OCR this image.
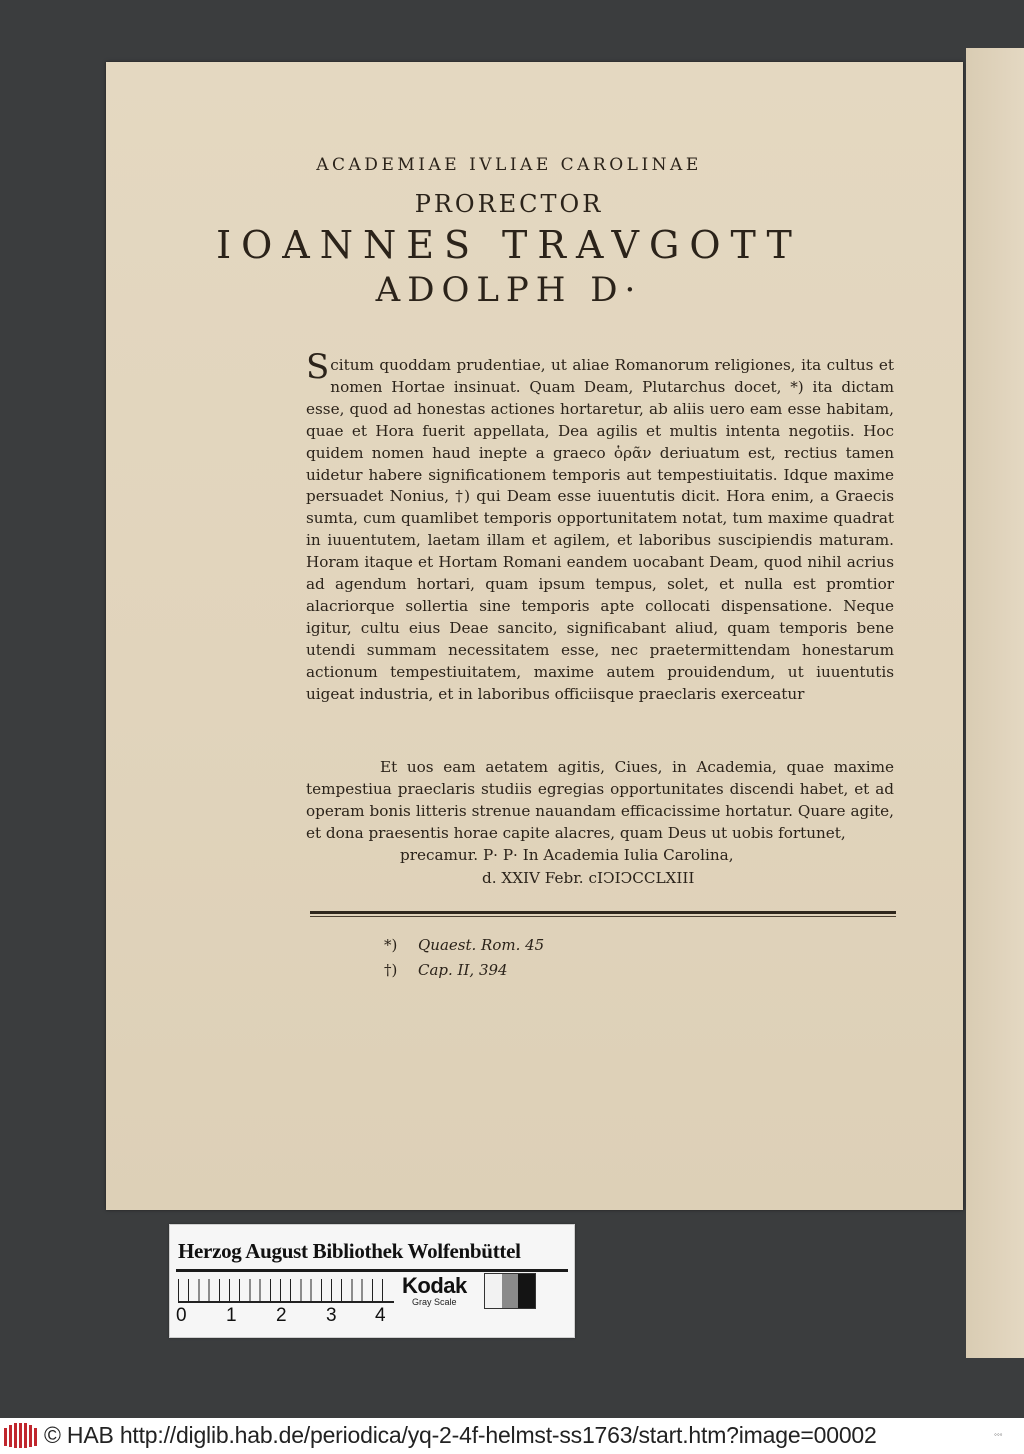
ACADEMIAE IVLIAE CAROLINAE
PRORECTOR
IOANNES TRAVGOTT
ADOLPH D·
Scitum quoddam prudentiae, ut aliae Romanorum religiones, ita cultus et nomen Hortae insinuat. Quam Deam, Plutarchus docet, *) ita dictam esse, quod ad honestas actiones hortaretur, ab aliis uero eam esse habitam, quae et Hora fuerit appellata, Dea agilis et multis intenta negotiis. Hoc quidem nomen haud inepte a graeco ὁρᾶν deriuatum est, rectius tamen uidetur habere significationem temporis aut tempestiuitatis. Idque maxime persuadet Nonius, †) qui Deam esse iuuentutis dicit. Hora enim, a Graecis sumta, cum quamlibet temporis opportunitatem notat, tum maxime quadrat in iuuentutem, laetam illam et agilem, et laboribus suscipiendis maturam. Horam itaque et Hortam Romani eandem uocabant Deam, quod nihil acrius ad agendum hortari, quam ipsum tempus, solet, et nulla est promtior alacriorque sollertia sine temporis apte collocati dispensatione. Neque igitur, cultu eius Deae sancito, significabant aliud, quam temporis bene utendi summam necessitatem esse, nec praetermittendam honestarum actionum tempestiuitatem, maxime autem prouidendum, ut iuuentutis uigeat industria, et in laboribus officiisque praeclaris exerceatur
Et uos eam aetatem agitis, Ciues, in Academia, quae maxime tempestiua praeclaris studiis egregias opportunitates discendi habet, et ad operam bonis litteris strenue nauandam efficacissime hortatur. Quare agite, et dona praesentis horae capite alacres, quam Deus ut uobis fortunet,
precamur. P· P· In Academia Iulia Carolina,
d. XXIV Febr. cIↃIↃCCLXIII
*) Quaest. Rom. 45
†) Cap. II, 394
Herzog August Bibliothek Wolfenbüttel
0 1 2 3 4
Kodak
Gray Scale
© HAB http://diglib.hab.de/periodica/yq-2-4f-helmst-ss1763/start.htm?image=00002	◦◦◦
